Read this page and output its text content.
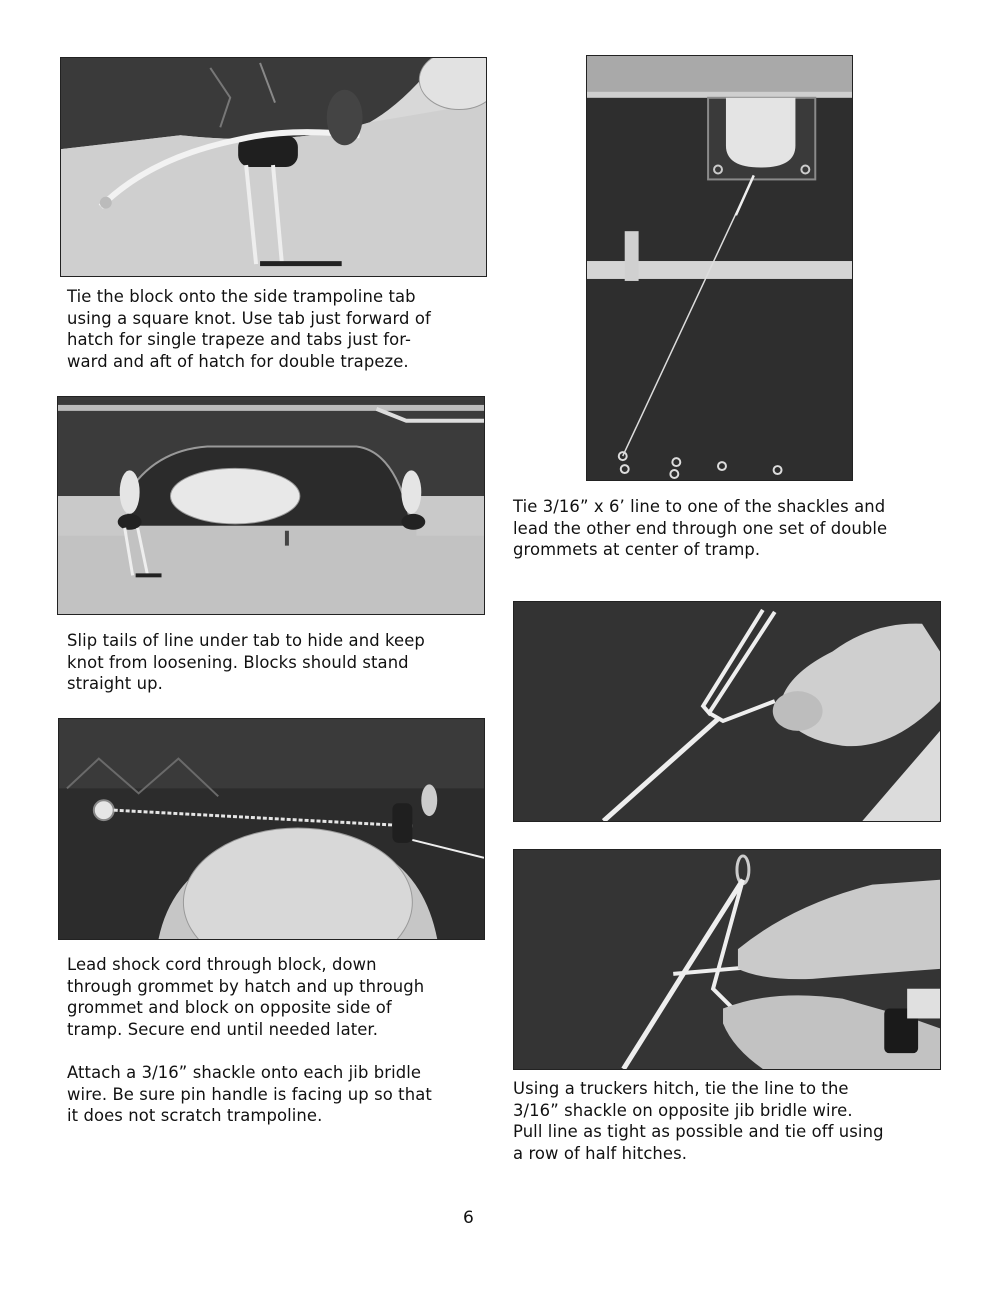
Tie the block onto the side trampoline tab
using a square knot. Use tab just forward of
hatch for single trapeze and tabs just for-
ward and aft of hatch for double trapeze.
Slip tails of line under tab to hide and keep
knot from loosening. Blocks should stand
straight up.
Lead shock cord through block, down
through grommet by hatch and up through
grommet and block on opposite side of
tramp. Secure end until needed later.
Attach a 3/16” shackle onto each jib bridle
wire. Be sure pin handle is facing up so that
it does not scratch trampoline.
Tie 3/16” x 6’ line to one of the shackles and
lead the other end through one set of double
grommets at center of tramp.
Using a truckers hitch, tie the line to the
3/16” shackle on opposite jib bridle wire.
Pull line as tight as possible and tie off using
a row of half hitches.
6
